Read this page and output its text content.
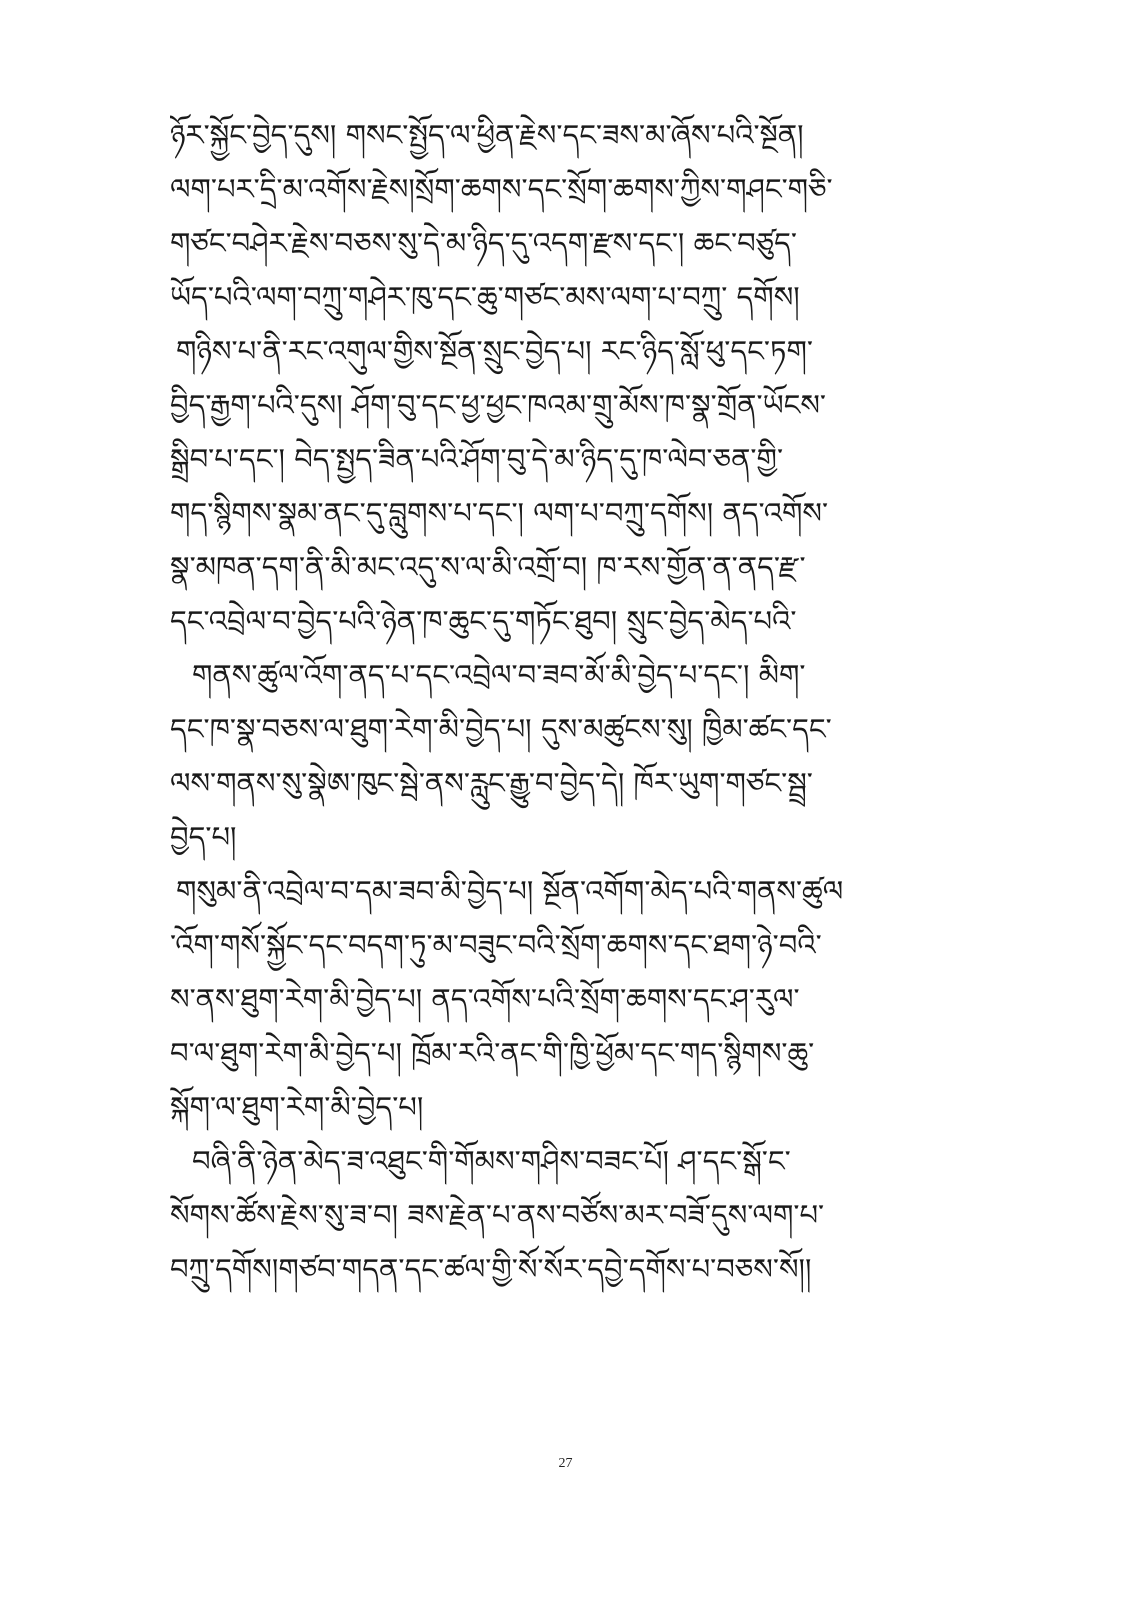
ཉོར་སྐྱོང་བྱེད་དུས། གསང་སྤྱོད་ལ་ཕྱིན་རྗེས་དང་ཟས་མ་ཞོས་པའི་སྔོན།
ལག་པར་དྲི་མ་འགོས་རྗེས།སྲོག་ཆགས་དང་སྲོག་ཆགས་ཀྱིས་གཤང་གཅི་
གཙང་བཤེར་རྗེས་བཅས་སུ་དེ་མ་ཉིད་དུ་འདག་རྫས་དང་། ཆང་བཙུད་
ཡོད་པའི་ལག་བཀྲུ་གཤེར་ཁུ་དང་ཆུ་གཙང་མས་ལག་པ་བཀྲུ་ དགོས།
གཉིས་པ་ནི་རང་འགུལ་གྱིས་སྔོན་སྲུང་བྱེད་པ། རང་ཉིད་སློ་ཕུ་དང་ཏག་
བྱིད་རྒྱག་པའི་དུས། ཤོག་བུ་དང་ཕྱ་ཕྱང་ཁའམ་གྲུ་མོས་ཁ་སྣ་གྲོན་ཡོངས་
སྒྲིབ་པ་དང་། བེད་སྤྱད་ཟིན་པའི་ཤོག་བུ་དེ་མ་ཉིད་དུ་ཁ་ལེབ་ཅན་གྱི་
གད་སྙིགས་སྣམ་ནང་དུ་བླུགས་པ་དང་། ལག་པ་བཀྲུ་དགོས། ནད་འགོས་
སྣ་མཁན་དག་ནི་མི་མང་འདུ་ས་ལ་མི་འགྲོ་བ། ཁ་རས་གྱོན་ན་ནད་རྫ་
དང་འབྲེལ་བ་བྱེད་པའི་ཉེན་ཁ་ཆུང་དུ་གཏོང་ཐུབ། སྲུང་བྱེད་མེད་པའི་
གནས་ཚུལ་འོག་ནད་པ་དང་འབྲེལ་བ་ཟབ་མོ་མི་བྱེད་པ་དང་། མིག་
དང་ཁ་སྣ་བཅས་ལ་ཐུག་རེག་མི་བྱེད་པ། དུས་མཚུངས་སུ། ཁྱིམ་ཚང་དང་
ལས་གནས་སུ་སྣེཨ་ཁུང་སྦེ་ནས་རླུང་རྒྱུ་བ་བྱེད་དེ། ཁོར་ཡུག་གཙང་སྦྲ་
བྱེད་པ།
གསུམ་ནི་འབྲེལ་བ་དམ་ཟབ་མི་བྱེད་པ། སྔོན་འགོག་མེད་པའི་གནས་ཚུལ
་འོག་གསོ་སྐྱོང་དང་བདག་ཏུ་མ་བཟུང་བའི་སྲོག་ཆགས་དང་ཐག་ཉེ་བའི་
ས་ནས་ཐུག་རེག་མི་བྱེད་པ། ནད་འགོས་པའི་སྲོག་ཆགས་དང་ཤ་རུལ་
བ་ལ་ཐུག་རེག་མི་བྱེད་པ། ཁྲོམ་རའི་ནང་གི་ཁྱི་ཕྱོམ་དང་གད་སྙིགས་ཆུ་
སྐོག་ལ་ཐུག་རེག་མི་བྱེད་པ།
བཞི་ནི་ཉེན་མེད་ཟ་འཐུང་གི་གོམས་གཤིས་བཟང་པོ། ཤ་དང་སྒོ་ང་
སོགས་ཚོས་རྗེས་སུ་ཟ་བ། ཟས་རྗེན་པ་ནས་བཙོས་མར་བཟོ་དུས་ལག་པ་
བཀྲུ་དགོས།གཙབ་གདན་དང་ཚལ་གྱི་སོ་སོར་དབྱེ་དགོས་པ་བཅས་སོ།།
27
